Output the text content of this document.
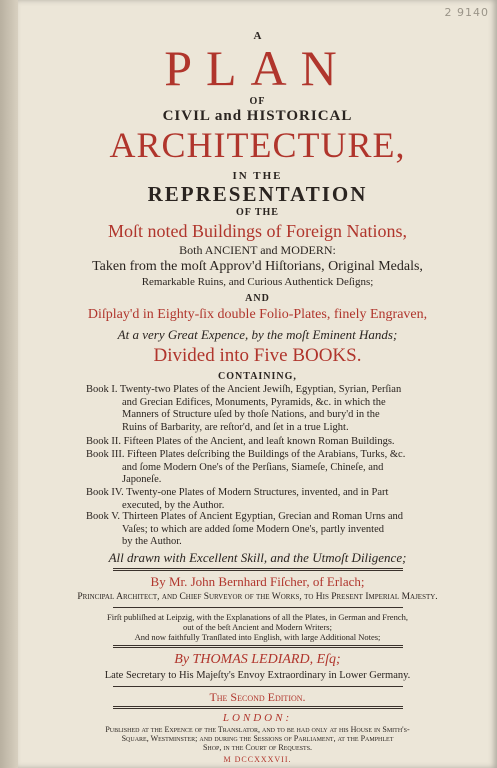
2 9140
A
PLAN
OF
CIVIL and HISTORICAL
ARCHITECTURE,
IN THE
REPRESENTATION
OF THE
Moſt noted Buildings of Foreign Nations,
Both ANCIENT and MODERN:
Taken from the moſt Approv'd Hiſtorians, Original Medals,
Remarkable Ruins, and Curious Authentick Deſigns;
AND
Diſplay'd in Eighty-ſix double Folio-Plates, finely Engraven,
At a very Great Expence, by the moſt Eminent Hands;
Divided into Five BOOKS.
CONTAINING,
Book I. Twenty-two Plates of the Ancient Jewiſh, Egyptian, Syrian, Perſian
and Grecian Edifices, Monuments, Pyramids, &c. in which the
Manners of Structure uſed by thoſe Nations, and bury'd in the
Ruins of Barbarity, are reſtor'd, and ſet in a true Light.
Book II. Fifteen Plates of the Ancient, and leaſt known Roman Buildings.
Book III. Fifteen Plates deſcribing the Buildings of the Arabians, Turks, &c.
and ſome Modern One's of the Perſians, Siameſe, Chineſe, and
Japoneſe.
Book IV. Twenty-one Plates of Modern Structures, invented, and in Part
executed, by the Author.
Book V. Thirteen Plates of Ancient Egyptian, Grecian and Roman Urns and
Vaſes; to which are added ſome Modern One's, partly invented
by the Author.
All drawn with Excellent Skill, and the Utmoſt Diligence;
By Mr. John Bernhard Fiſcher, of Erlach;
Principal Architect, and Chief Surveyor of the Works, to His Preſent Imperial Majeſty.
Firſt publiſhed at Leipzig, with the Explanations of all the Plates, in German and French,
out of the beſt Ancient and Modern Writers;
And now faithfully Tranſlated into English, with large Additional Notes;
By THOMAS LEDIARD, Eſq;
Late Secretary to His Majeſty's Envoy Extraordinary in Lower Germany.
The Second Edition.
LONDON:
Publiſhed at the Expence of the Translator, and to be had only at his Houſe in Smith's-
Square, Westminster; and during the Seſſions of Parliament, at the Pamphlet
Shop, in the Court of Requests.
M DCCXXXVII.
